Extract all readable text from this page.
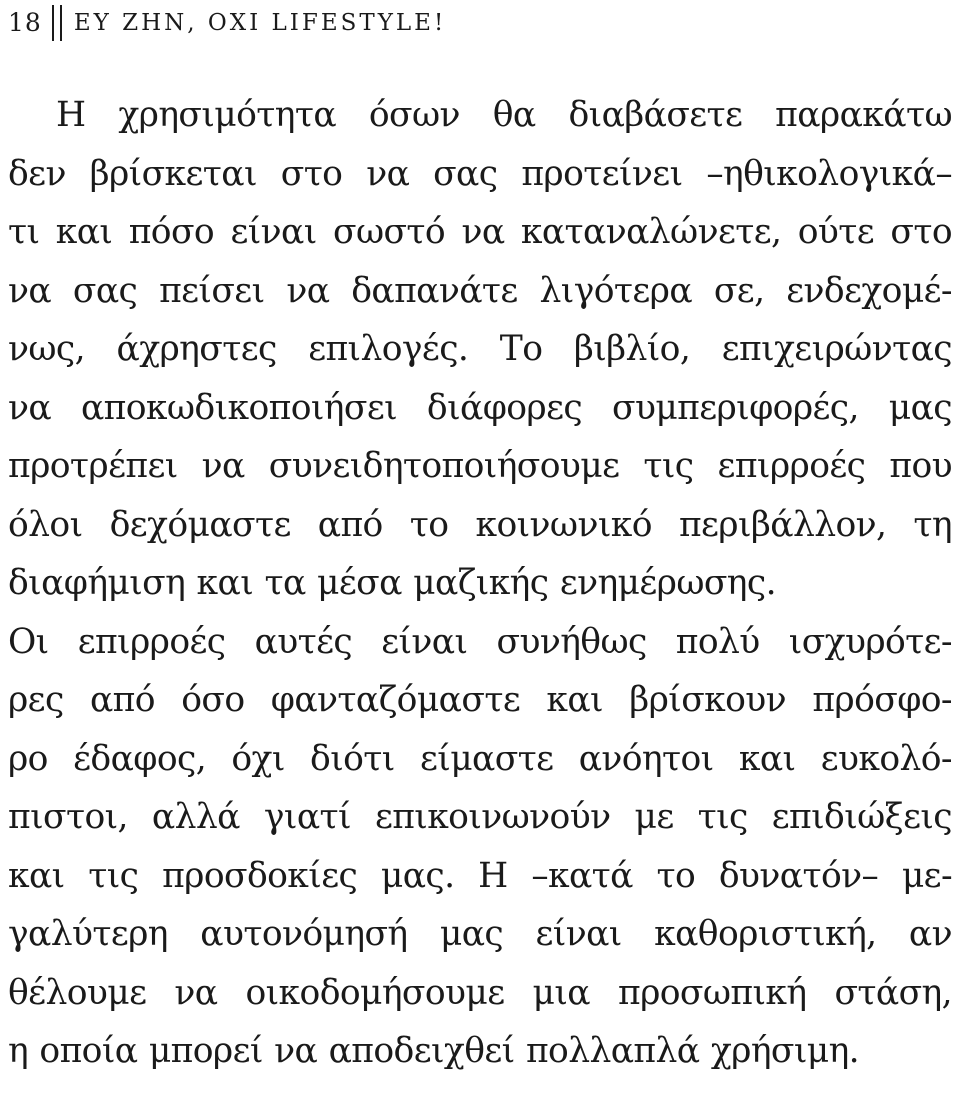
18 ΕΥ ΖΗΝ, ΟΧΙ LIFESTYLE!
Η χρησιμότητα όσων θα διαβάσετε παρακάτω
δεν βρίσκεται στο να σας προτείνει –ηθικολογικά–
τι και πόσο είναι σωστό να καταναλώνετε, ούτε στο
να σας πείσει να δαπανάτε λιγότερα σε, ενδεχομέ-
νως, άχρηστες επιλογές. Το βιβλίο, επιχειρώντας
να αποκωδικοποιήσει διάφορες συμπεριφορές, μας
προτρέπει να συνειδητοποιήσουμε τις επιρροές που
όλοι δεχόμαστε από το κοινωνικό περιβάλλον, τη
διαφήμιση και τα μέσα μαζικής ενημέρωσης.
Οι επιρροές αυτές είναι συνήθως πολύ ισχυρότε-
ρες από όσο φανταζόμαστε και βρίσκουν πρόσφο-
ρο έδαφος, όχι διότι είμαστε ανόητοι και ευκολό-
πιστοι, αλλά γιατί επικοινωνούν με τις επιδιώξεις
και τις προσδοκίες μας. Η –κατά το δυνατόν– με-
γαλύτερη αυτονόμησή μας είναι καθοριστική, αν
θέλουμε να οικοδομήσουμε μια προσωπική στάση,
η οποία μπορεί να αποδειχθεί πολλαπλά χρήσιμη.
